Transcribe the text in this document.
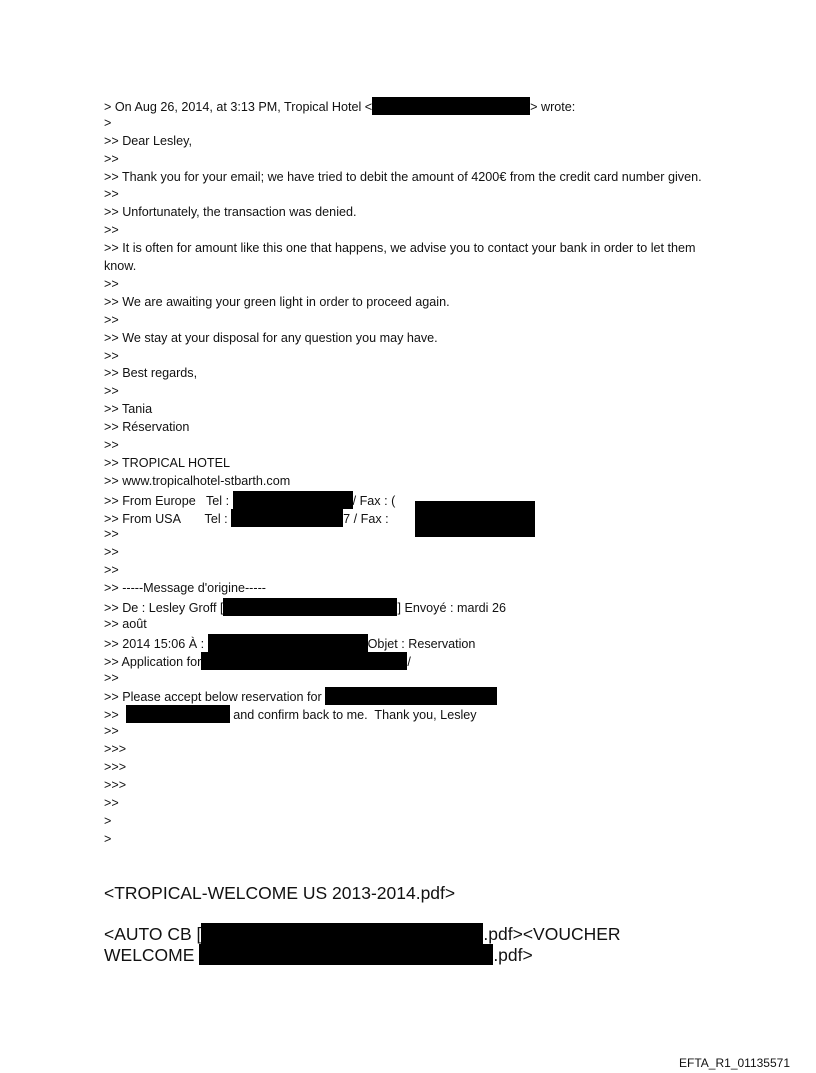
> On Aug 26, 2014, at 3:13 PM, Tropical Hotel <	> wrote:
>
>> Dear Lesley,
>>
>> Thank you for your email; we have tried to debit the amount of 4200€ from the credit card number given.
>>
>> Unfortunately, the transaction was denied.
>>
>> It is often for amount like this one that happens, we advise you to contact your bank in order to let them know.
>>
>> We are awaiting your green light in order to proceed again.
>>
>> We stay at your disposal for any question you may have.
>>
>> Best regards,
>>
>> Tania
>> Réservation
>>
>> TROPICAL HOTEL
>> www.tropicalhotel-stbarth.com
>> From Europe   Tel :	/ Fax : (
>> From USA       Tel :	7 / Fax :
>>
>>
>>
>> -----Message d'origine-----
>> De : Lesley Groff [	] Envoyé : mardi 26
>> août
>> 2014 15:06 À :	Objet : Reservation
>> Application for	/
>>
>> Please accept below reservation for
>>	and confirm back to me.  Thank you, Lesley
>>
>>>
>>>
>>>
>>
>
>
<TROPICAL-WELCOME US 2013-2014.pdf>
<AUTO CB [	.pdf><VOUCHER
WELCOME	.pdf>
EFTA_R1_01135571
